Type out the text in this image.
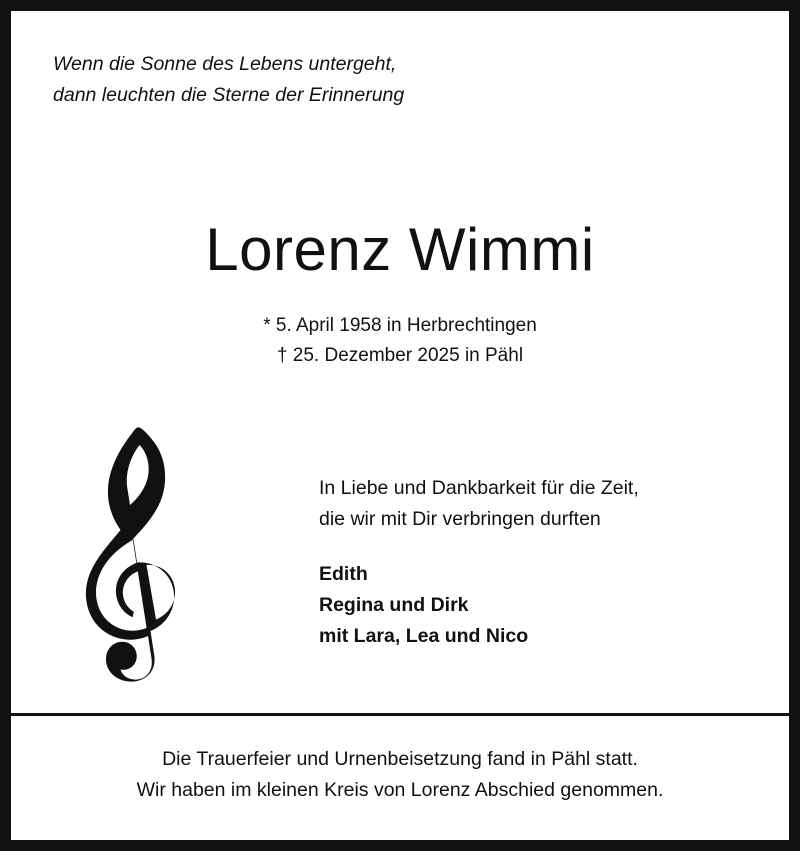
Wenn die Sonne des Lebens untergeht,
dann leuchten die Sterne der Erinnerung
Lorenz Wimmi
* 5. April 1958 in Herbrechtingen
† 25. Dezember 2025 in Pähl
In Liebe und Dankbarkeit für die Zeit,
die wir mit Dir verbringen durften
Edith
Regina und Dirk
mit Lara, Lea und Nico
Die Trauerfeier und Urnenbeisetzung fand in Pähl statt.
Wir haben im kleinen Kreis von Lorenz Abschied genommen.
